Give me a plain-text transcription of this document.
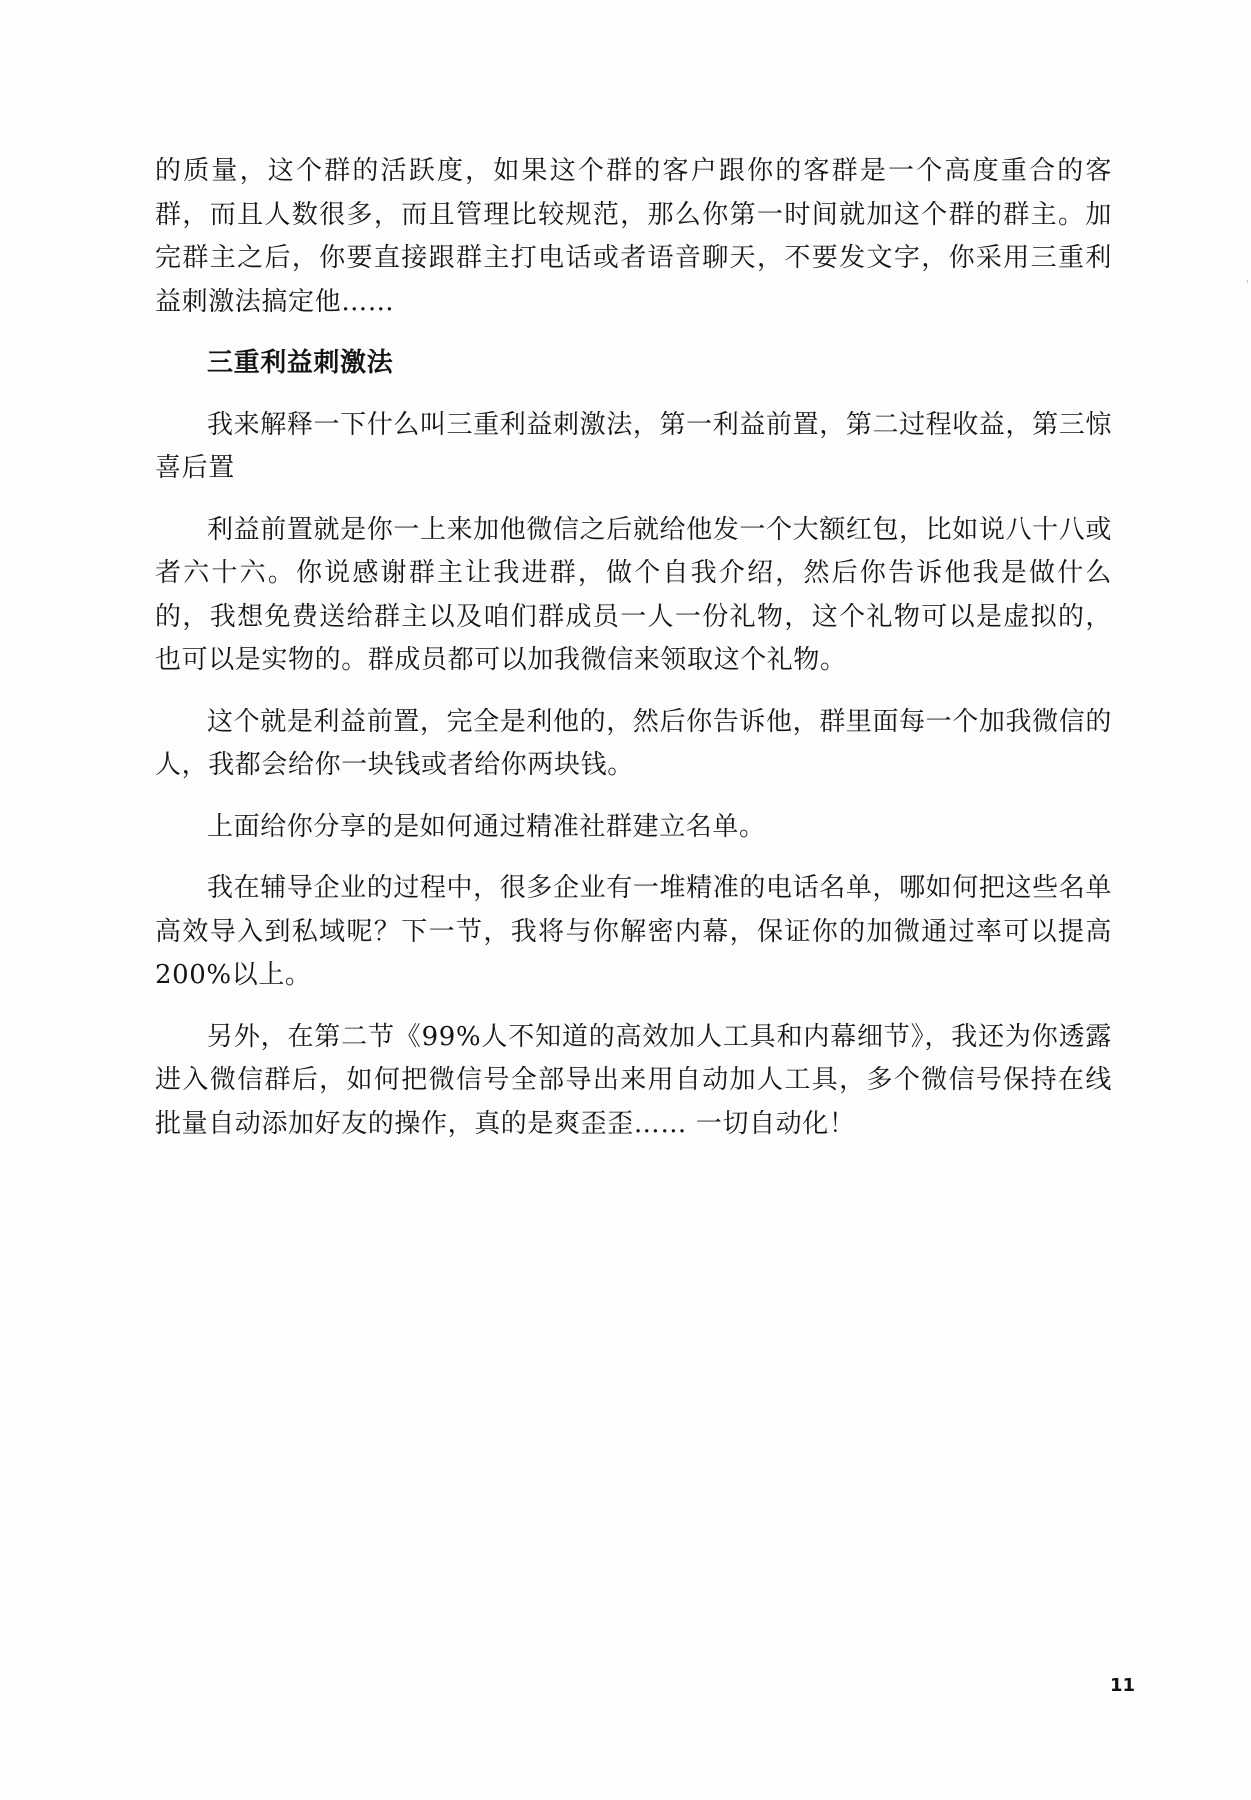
的质量，这个群的活跃度，如果这个群的客户跟你的客群是一个高度重合的客群，而且人数很多，而且管理比较规范，那么你第一时间就加这个群的群主。加完群主之后，你要直接跟群主打电话或者语音聊天，不要发文字，你采用三重利益刺激法搞定他……

三重利益刺激法

我来解释一下什么叫三重利益刺激法，第一利益前置，第二过程收益，第三惊喜后置

利益前置就是你一上来加他微信之后就给他发一个大额红包，比如说八十八或者六十六。你说感谢群主让我进群，做个自我介绍，然后你告诉他我是做什么的，我想免费送给群主以及咱们群成员一人一份礼物，这个礼物可以是虚拟的，也可以是实物的。群成员都可以加我微信来领取这个礼物。

这个就是利益前置，完全是利他的，然后你告诉他，群里面每一个加我微信的人，我都会给你一块钱或者给你两块钱。

上面给你分享的是如何通过精准社群建立名单。

我在辅导企业的过程中，很多企业有一堆精准的电话名单，哪如何把这些名单高效导入到私域呢？下一节，我将与你解密内幕，保证你的加微通过率可以提高 200%以上。

另外，在第二节《99%人不知道的高效加人工具和内幕细节》，我还为你透露进入微信群后，如何把微信号全部导出来用自动加人工具，多个微信号保持在线批量自动添加好友的操作，真的是爽歪歪…… 一切自动化！

11
